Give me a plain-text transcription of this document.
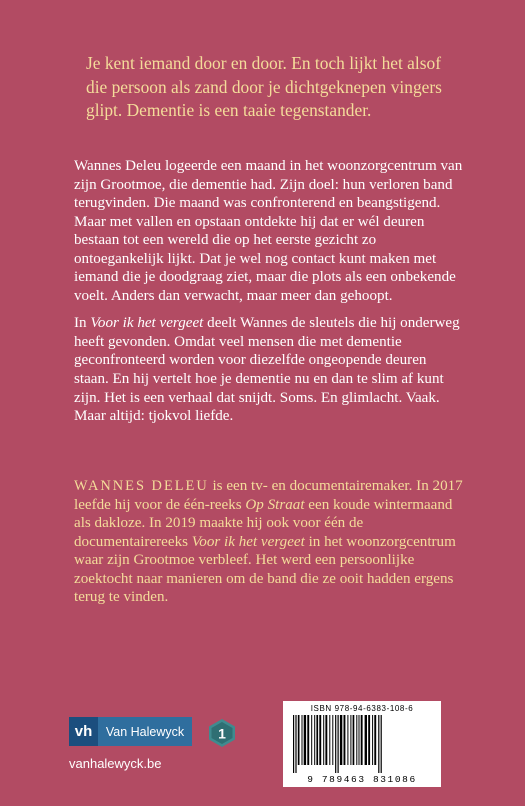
Je kent iemand door en door. En toch lijkt het alsof die persoon als zand door je dichtgeknepen vingers glipt. Dementie is een taaie tegenstander.

Wannes Deleu logeerde een maand in het woonzorgcentrum van zijn Grootmoe, die dementie had. Zijn doel: hun verloren band terugvinden. Die maand was confronterend en beangstigend. Maar met vallen en opstaan ontdekte hij dat er wél deuren bestaan tot een wereld die op het eerste gezicht zo ontoegankelijk lijkt. Dat je wel nog contact kunt maken met iemand die je doodgraag ziet, maar die plots als een onbekende voelt. Anders dan verwacht, maar meer dan gehoopt.

In Voor ik het vergeet deelt Wannes de sleutels die hij onderweg heeft gevonden. Omdat veel mensen die met dementie geconfronteerd worden voor diezelfde ongeopende deuren staan. En hij vertelt hoe je dementie nu en dan te slim af kunt zijn. Het is een verhaal dat snijdt. Soms. En glimlacht. Vaak. Maar altijd: tjokvol liefde.

WANNES DELEU is een tv- en documentairemaker. In 2017 leefde hij voor de één-reeks Op Straat een koude wintermaand als dakloze. In 2019 maakte hij ook voor één de documentairereeks Voor ik het vergeet in het woonzorgcentrum waar zijn Grootmoe verbleef. Het werd een persoonlijke zoektocht naar manieren om de band die ze ooit hadden ergens terug te vinden.

vh	Van Halewyck	1
vanhalewyck.be
ISBN 978-94-6383-108-6
9 789463 831086
